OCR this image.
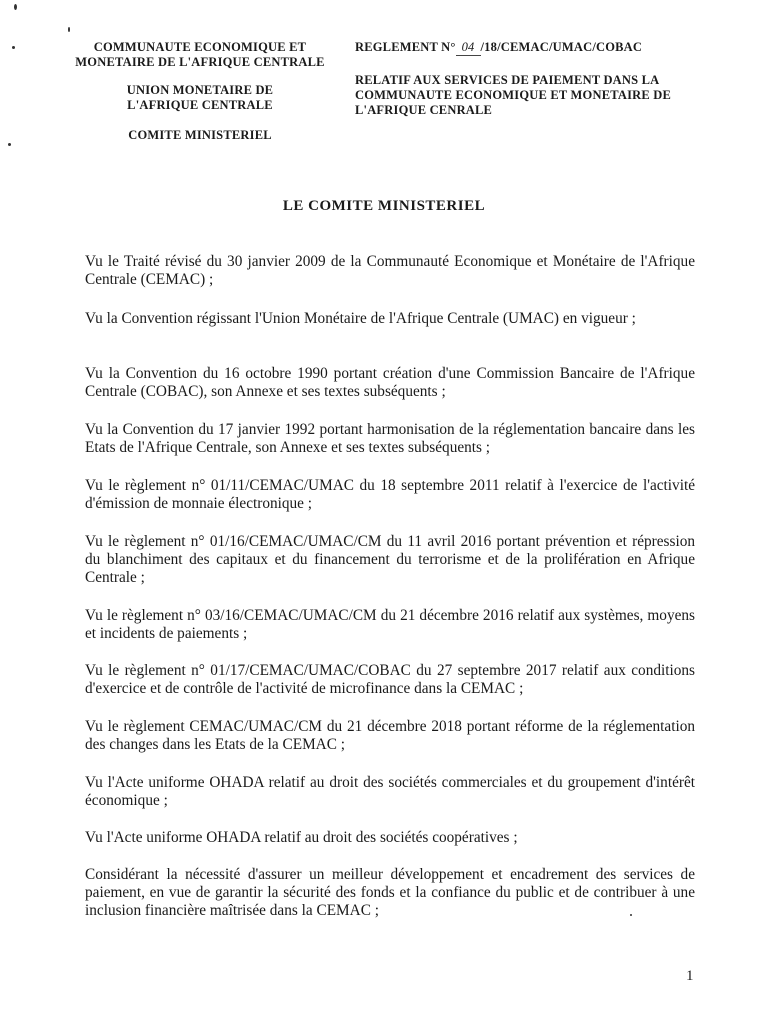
COMMUNAUTE ECONOMIQUE ET MONETAIRE DE L'AFRIQUE CENTRALE
UNION MONETAIRE DE L'AFRIQUE CENTRALE
COMITE MINISTERIEL
REGLEMENT N° 04 /18/CEMAC/UMAC/COBAC
RELATIF AUX SERVICES DE PAIEMENT DANS LA COMMUNAUTE ECONOMIQUE ET MONETAIRE DE L'AFRIQUE CENRALE
LE COMITE MINISTERIEL
Vu le Traité révisé du 30 janvier 2009 de la Communauté Economique et Monétaire de l'Afrique Centrale (CEMAC) ;
Vu la Convention régissant l'Union Monétaire de l'Afrique Centrale (UMAC) en vigueur ;
Vu la Convention du 16 octobre 1990 portant création d'une Commission Bancaire de l'Afrique Centrale (COBAC), son Annexe et ses textes subséquents ;
Vu la Convention du 17 janvier 1992 portant harmonisation de la réglementation bancaire dans les Etats de l'Afrique Centrale, son Annexe et ses textes subséquents ;
Vu le règlement n° 01/11/CEMAC/UMAC du 18 septembre 2011 relatif à l'exercice de l'activité d'émission de monnaie électronique ;
Vu le règlement n° 01/16/CEMAC/UMAC/CM du 11 avril 2016 portant prévention et répression du blanchiment des capitaux et du financement du terrorisme et de la prolifération en Afrique Centrale ;
Vu le règlement n° 03/16/CEMAC/UMAC/CM du 21 décembre 2016 relatif aux systèmes, moyens et incidents de paiements ;
Vu le règlement n° 01/17/CEMAC/UMAC/COBAC du 27 septembre 2017 relatif aux conditions d'exercice et de contrôle de l'activité de microfinance dans la CEMAC ;
Vu le règlement CEMAC/UMAC/CM du 21 décembre 2018 portant réforme de la réglementation des changes dans les Etats de la CEMAC ;
Vu l'Acte uniforme OHADA relatif au droit des sociétés commerciales et du groupement d'intérêt économique ;
Vu l'Acte uniforme OHADA relatif au droit des sociétés coopératives ;
Considérant la nécessité d'assurer un meilleur développement et encadrement des services de paiement, en vue de garantir la sécurité des fonds et la confiance du public et de contribuer à une inclusion financière maîtrisée dans la CEMAC ;
1
